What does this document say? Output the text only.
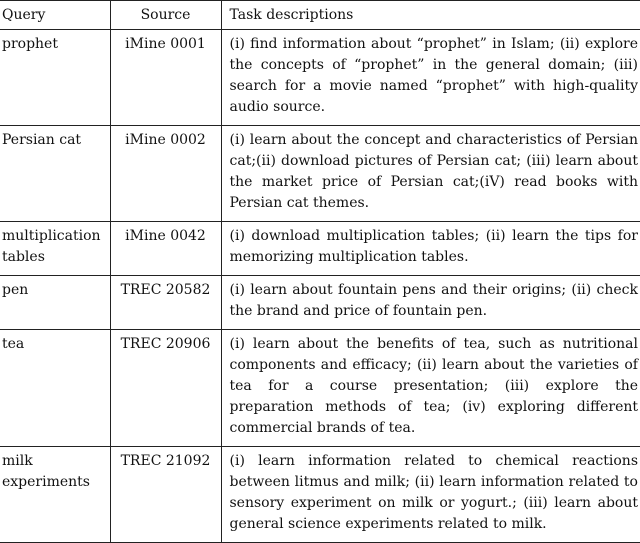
Query	Source	Task descriptions
prophet	iMine 0001	(i) find information about “prophet” in Islam; (ii) explore the concepts of “prophet” in the general domain; (iii) search for a movie named “prophet” with high-quality audio source.
Persian cat	iMine 0002	(i) learn about the concept and characteristics of Persian cat;(ii) download pictures of Persian cat; (iii) learn about the market price of Persian cat;(iV) read books with Persian cat themes.
multiplication tables	iMine 0042	(i) download multiplication tables; (ii) learn the tips for memorizing multiplication tables.
pen	TREC 20582	(i) learn about fountain pens and their origins; (ii) check the brand and price of fountain pen.
tea	TREC 20906	(i) learn about the benefits of tea, such as nutritional components and efficacy; (ii) learn about the varieties of tea for a course presentation; (iii) explore the preparation methods of tea; (iv) exploring different commercial brands of tea.
milk experiments	TREC 21092	(i) learn information related to chemical reactions between litmus and milk; (ii) learn information related to sensory experiment on milk or yogurt.; (iii) learn about general science experiments related to milk.
